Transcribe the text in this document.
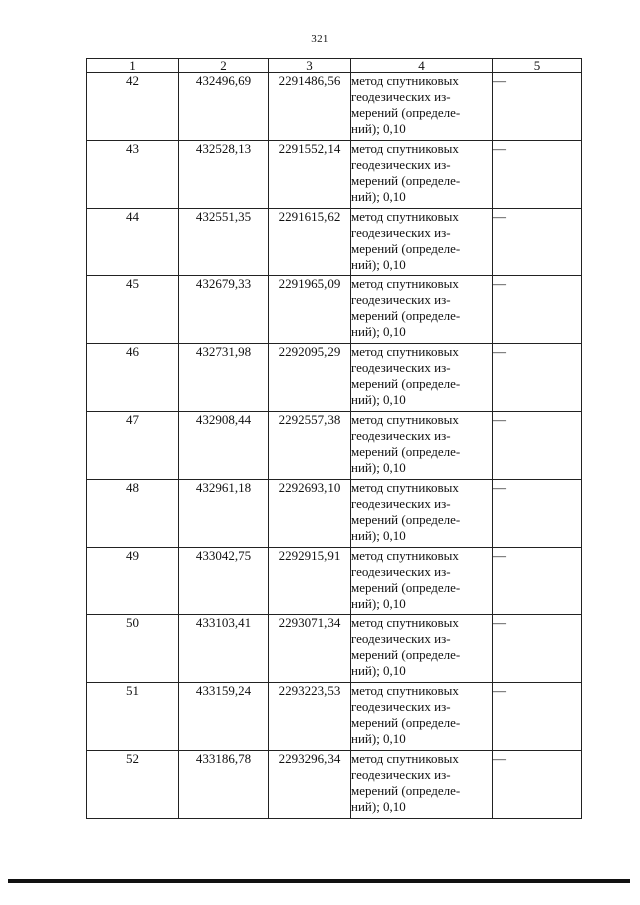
321
1	2	3	4	5
42	432496,69	2291486,56	метод спутниковых
геодезических из-
мерений (определе-
ний); 0,10	—
43	432528,13	2291552,14	метод спутниковых
геодезических из-
мерений (определе-
ний); 0,10	—
44	432551,35	2291615,62	метод спутниковых
геодезических из-
мерений (определе-
ний); 0,10	—
45	432679,33	2291965,09	метод спутниковых
геодезических из-
мерений (определе-
ний); 0,10	—
46	432731,98	2292095,29	метод спутниковых
геодезических из-
мерений (определе-
ний); 0,10	—
47	432908,44	2292557,38	метод спутниковых
геодезических из-
мерений (определе-
ний); 0,10	—
48	432961,18	2292693,10	метод спутниковых
геодезических из-
мерений (определе-
ний); 0,10	—
49	433042,75	2292915,91	метод спутниковых
геодезических из-
мерений (определе-
ний); 0,10	—
50	433103,41	2293071,34	метод спутниковых
геодезических из-
мерений (определе-
ний); 0,10	—
51	433159,24	2293223,53	метод спутниковых
геодезических из-
мерений (определе-
ний); 0,10	—
52	433186,78	2293296,34	метод спутниковых
геодезических из-
мерений (определе-
ний); 0,10	—
